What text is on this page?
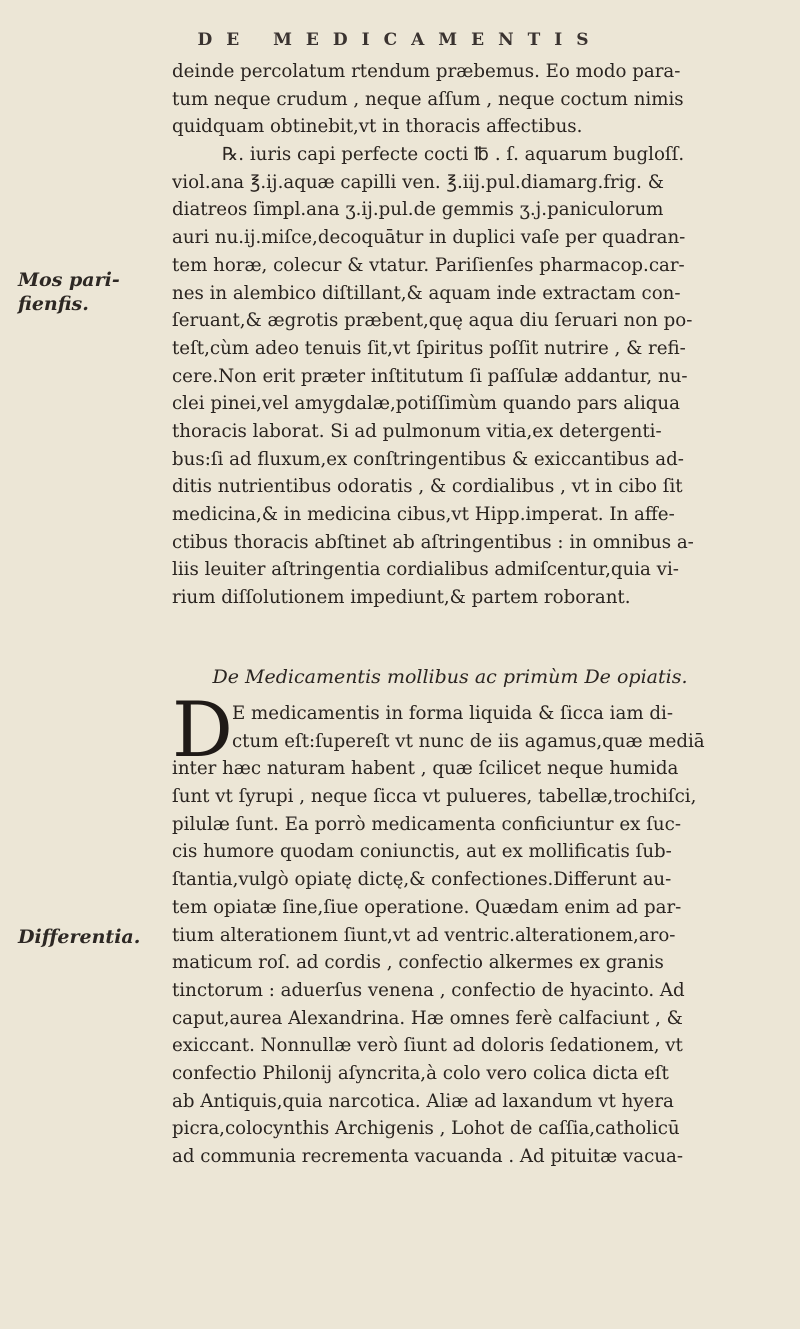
DE MEDICAMENTIS
Mos pari-
fienfis.
Differentia.
deinde percolatum rtendum præbemus. Eo modo para-
tum neque crudum , neque aſſum , neque coctum nimis
quidquam obtinebit,vt in thoracis affectibus.
℞. iuris capi perfecte cocti ℔ . ſ. aquarum buglоſſ.
viol.ana ℥.ij.aquæ capilli ven. ℥.iij.pul.diamarg.frig. &
diatreos ſimpl.ana ʒ.ij.pul.de gemmis ʒ.j.paniculorum
auri nu.ij.miſce,decoquātur in duplici vaſe per quadran-
tem horæ, colecur & vtatur. Pariſienſes pharmacop.car-
nes in alembico diſtillant,& aquam inde extractam con-
ſeruant,& ægrotis præbent,quę aqua diu ſeruari non po-
teſt,cùm adeo tenuis ſit,vt ſpiritus poſſit nutrire , & refi-
cere.Non erit præter inſtitutum ſi paſſulæ addantur, nu-
clei pinei,vel amygdalæ,potiſſimùm quando pars aliqua
thoracis laborat. Si ad pulmonum vitia,ex detergenti-
bus:ſi ad fluxum,ex conſtringentibus & exiccantibus ad-
ditis nutrientibus odoratis , & cordialibus , vt in cibo ſit
medicina,& in medicina cibus,vt Hipp.imperat. In affe-
ctibus thoracis abſtinet ab aſtringentibus : in omnibus a-
liis leuiter aſtringentia cordialibus admiſcentur,quia vi-
rium diſſolutionem impediunt,& partem roborant.
De Medicamentis mollibus ac primùm De opiatis.
D E medicamentis in forma liquida & ſicca iam di-
ctum eſt:ſupereſt vt nunc de iis agamus,quæ mediā
inter hæc naturam habent , quæ ſcilicet neque humida
ſunt vt ſyrupi , neque ſicca vt pulueres, tabellæ,trochiſci,
pilulæ ſunt. Ea porrò medicamenta conficiuntur ex ſuc-
cis humore quodam coniunctis, aut ex mollificatis ſub-
ſtantia,vulgò opiatę dictę,& confectiones.Differunt au-
tem opiatæ ſine,ſiue operatione. Quædam enim ad par-
tium alterationem ſiunt,vt ad ventric.alterationem,aro-
maticum roſ. ad cordis , confectio alkermes ex granis
tinctorum : aduerſus venena , confectio de hyacinto. Ad
caput,aurea Alexandrina. Hæ omnes ferè calfaciunt , &
exiccant. Nonnullæ verò ſiunt ad doloris ſedationem, vt
confectio Philonij aſyncrita,à colo vero colica dicta eſt
ab Antiquis,quia narcotica. Aliæ ad laxandum vt hyera
picra,colocynthis Archigenis , Lohot de caſſia,catholicū
ad communia recrementa vacuanda . Ad pituitæ vacua-
